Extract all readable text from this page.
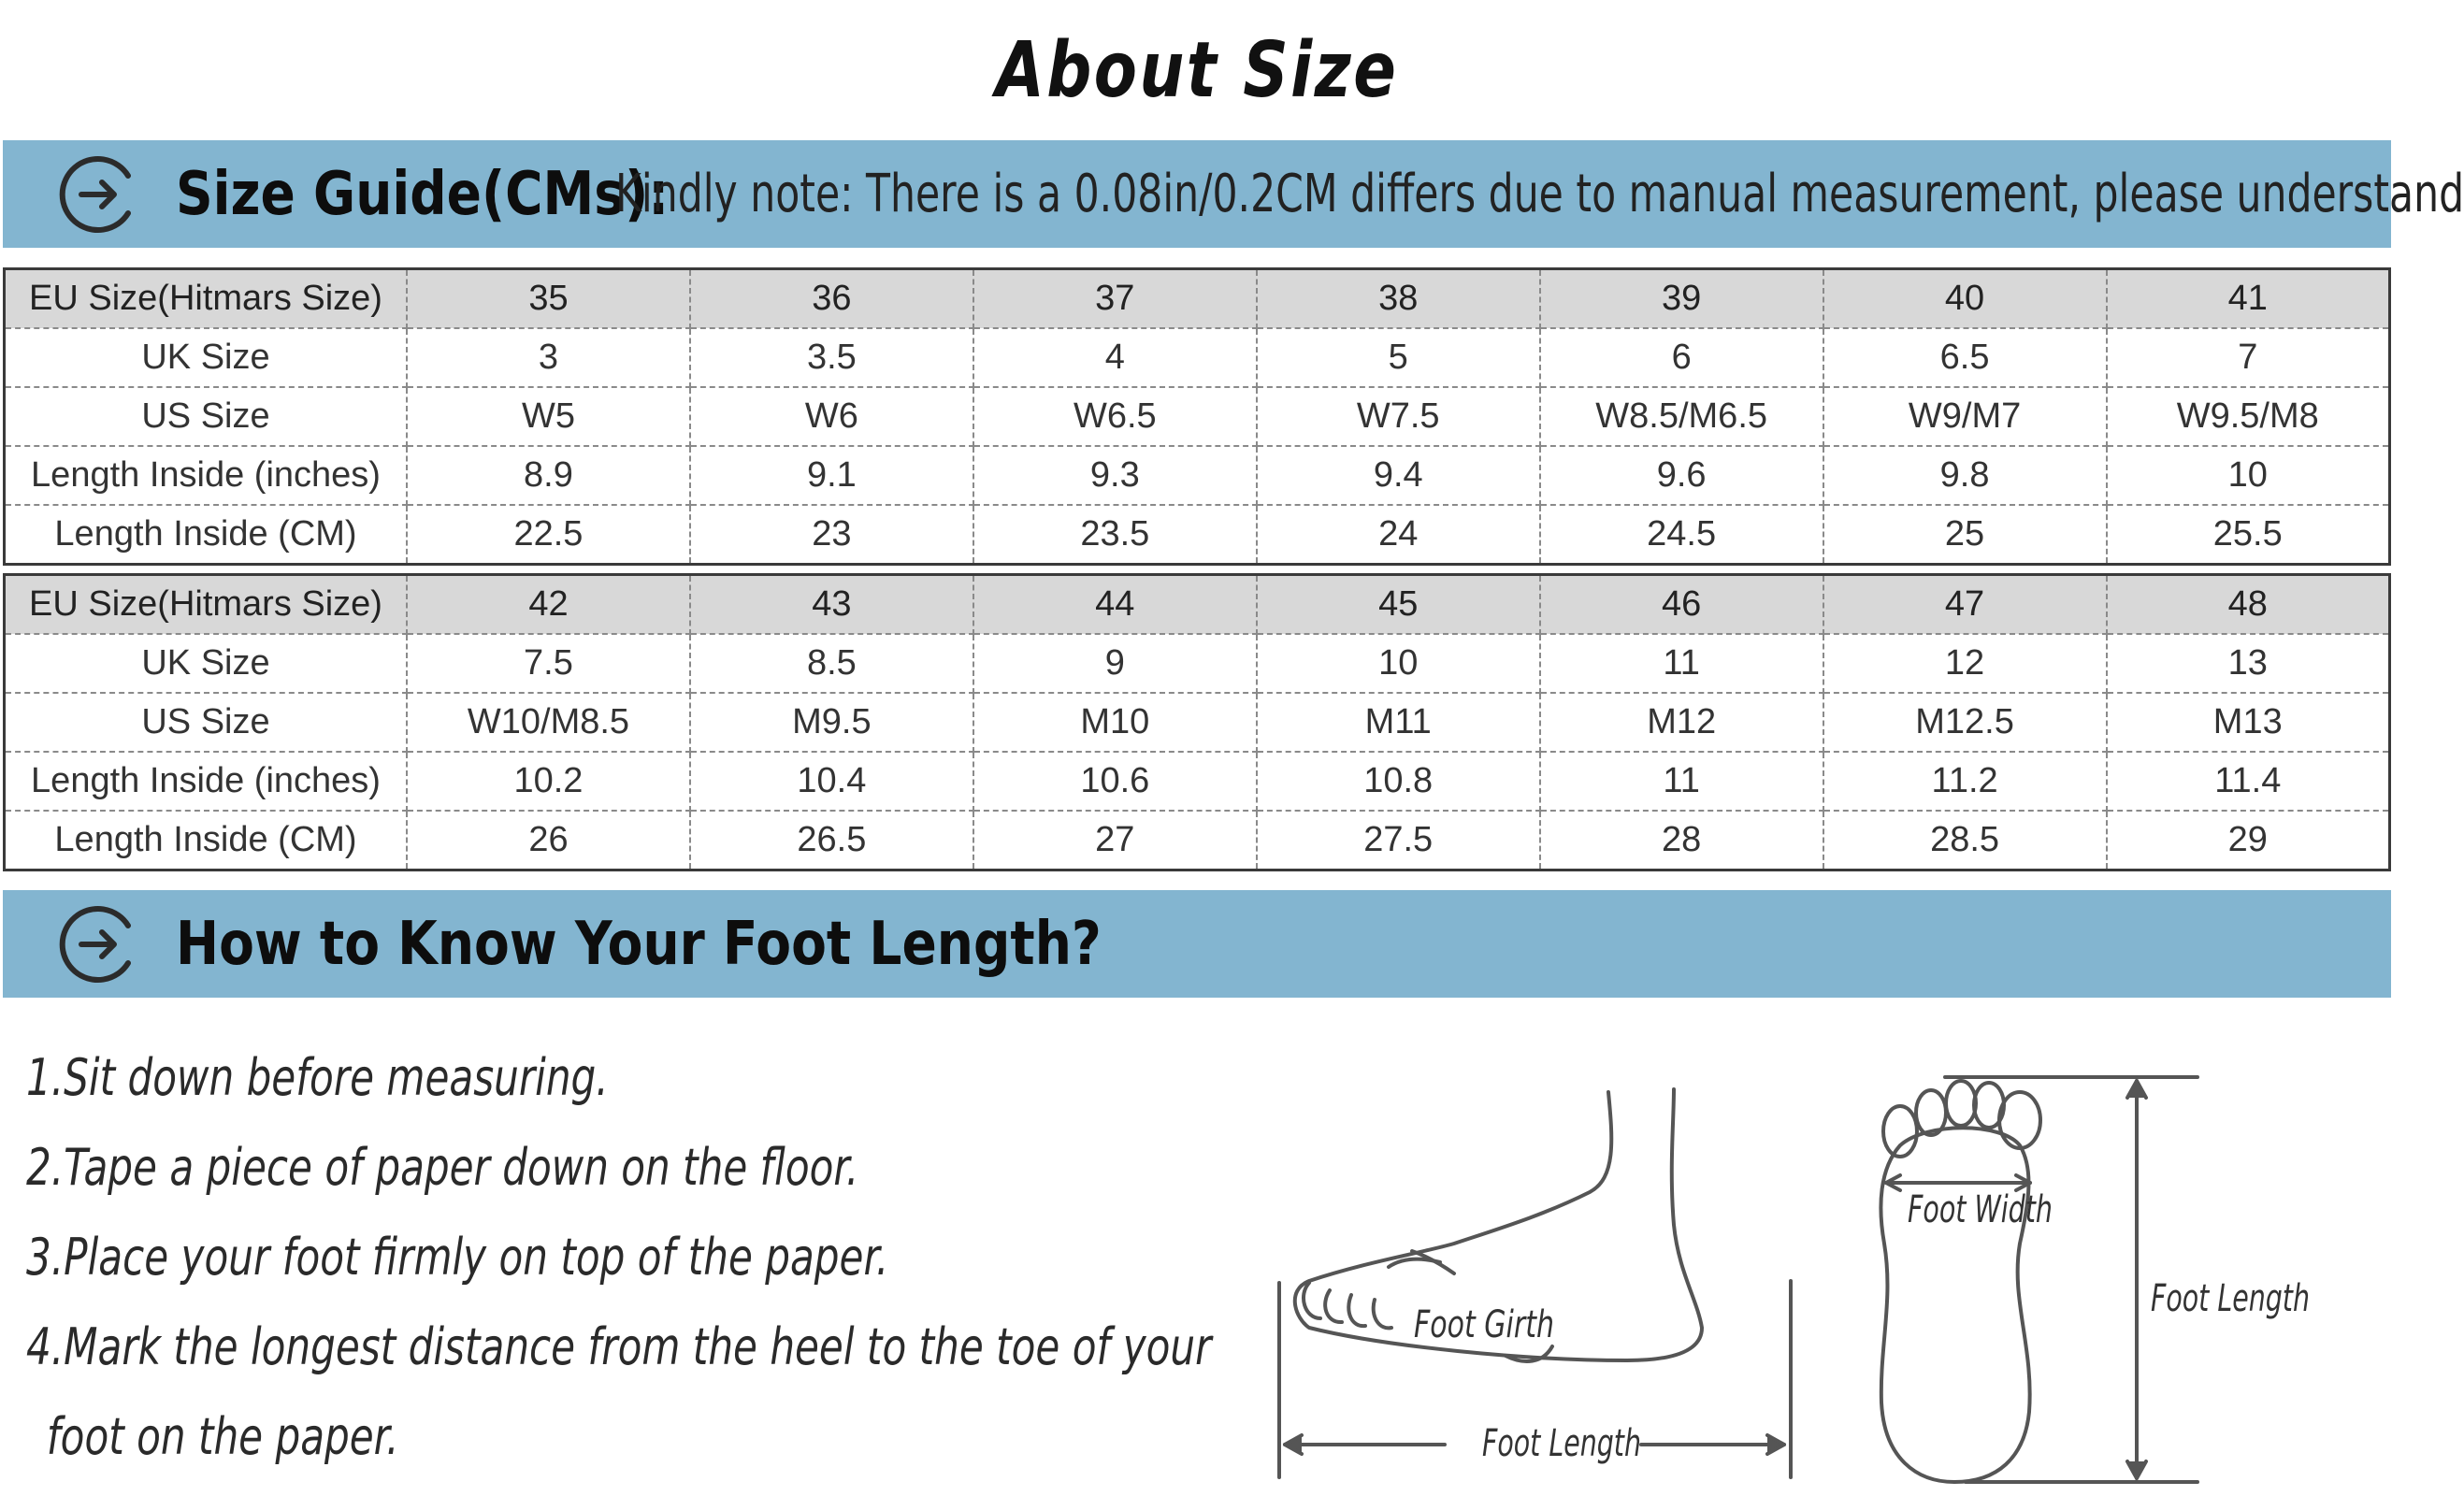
About Size
Size Guide(CMs):
Kindly note: There is a 0.08in/0.2CM differs due to manual measurement, please understand
EU Size(Hitmars Size)	35	36	37	38	39	40	41
UK Size	3	3.5	4	5	6	6.5	7
US Size	W5	W6	W6.5	W7.5	W8.5/M6.5	W9/M7	W9.5/M8
Length Inside (inches)	8.9	9.1	9.3	9.4	9.6	9.8	10
Length Inside (CM)	22.5	23	23.5	24	24.5	25	25.5
EU Size(Hitmars Size)	42	43	44	45	46	47	48
UK Size	7.5	8.5	9	10	11	12	13
US Size	W10/M8.5	M9.5	M10	M11	M12	M12.5	M13
Length Inside (inches)	10.2	10.4	10.6	10.8	11	11.2	11.4
Length Inside (CM)	26	26.5	27	27.5	28	28.5	29
How to Know Your Foot Length?
1.Sit down before measuring.
2.Tape a piece of paper down on the floor.
3.Place your foot firmly on top of the paper.
4.Mark the longest distance from the heel to the toe of your
foot on the paper.
Foot Girth
Foot Length
Foot Width
Foot Length
